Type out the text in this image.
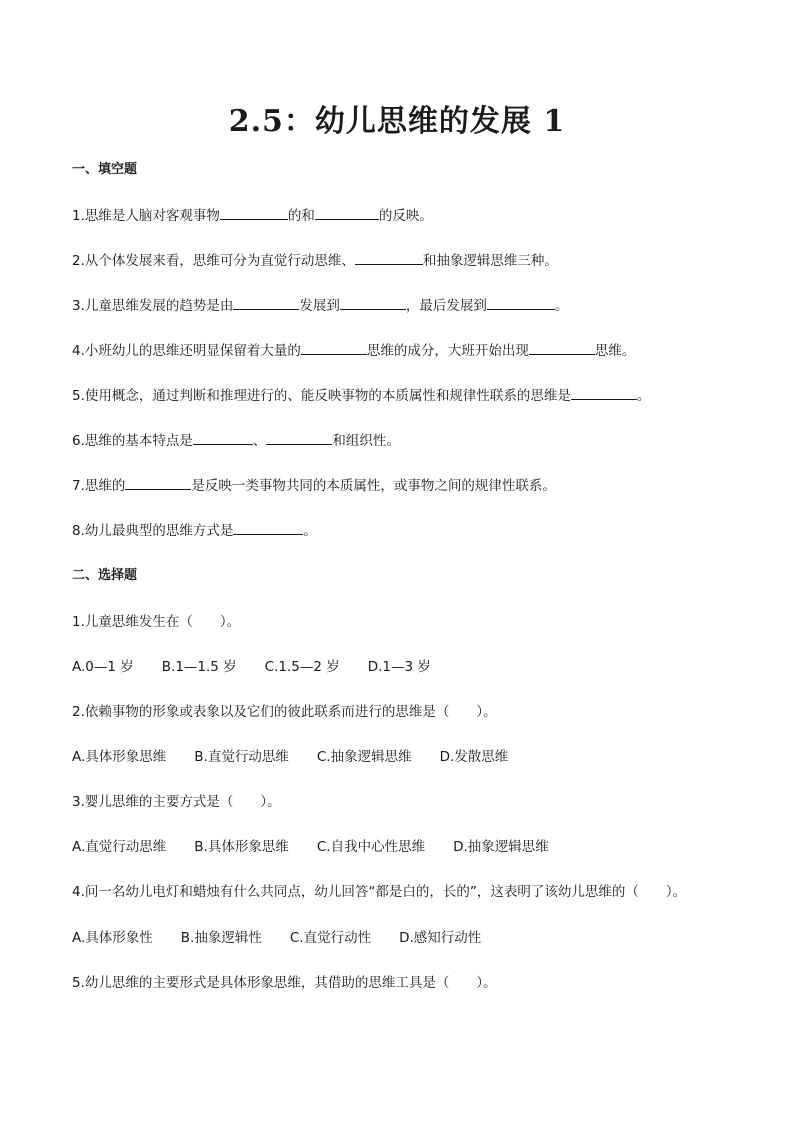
2.5：幼儿思维的发展 1
一、填空题
1.思维是人脑对客观事物	的和	的反映。
2.从个体发展来看，思维可分为直觉行动思维、	和抽象逻辑思维三种。
3.儿童思维发展的趋势是由	发展到	，最后发展到	。
4.小班幼儿的思维还明显保留着大量的	思维的成分，大班开始出现	思维。
5.使用概念，通过判断和推理进行的、能反映事物的本质属性和规律性联系的思维是	。
6.思维的基本特点是	、	和组织性。
7.思维的	是反映一类事物共同的本质属性，或事物之间的规律性联系。
8.幼儿最典型的思维方式是	。
二、选择题
1.儿童思维发生在（　　）。
A.0—1 岁 B.1—1.5 岁 C.1.5—2 岁 D.1—3 岁
2.依赖事物的形象或表象以及它们的彼此联系而进行的思维是（　　）。
A.具体形象思维 B.直觉行动思维 C.抽象逻辑思维 D.发散思维
3.婴儿思维的主要方式是（　　）。
A.直觉行动思维 B.具体形象思维 C.自我中心性思维 D.抽象逻辑思维
4.问一名幼儿电灯和蜡烛有什么共同点，幼儿回答“都是白的，长的”，这表明了该幼儿思维的（　　）。
A.具体形象性 B.抽象逻辑性 C.直觉行动性 D.感知行动性
5.幼儿思维的主要形式是具体形象思维，其借助的思维工具是（　　）。
